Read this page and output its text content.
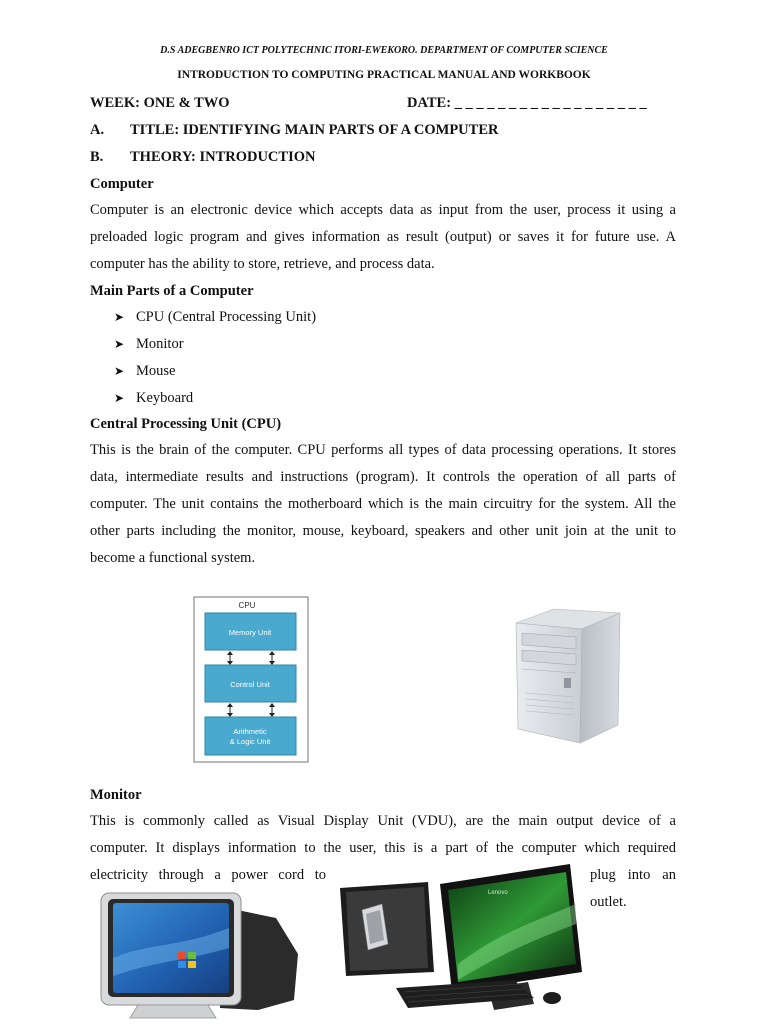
D.S ADEGBENRO ICT POLYTECHNIC ITORI-EWEKORO. DEPARTMENT OF COMPUTER SCIENCE
INTRODUCTION TO COMPUTING PRACTICAL MANUAL AND WORKBOOK
WEEK: ONE & TWO	DATE: _ _ _ _ _ _ _ _ _ _ _ _ _ _ _ _ _ _
A. TITLE: IDENTIFYING MAIN PARTS OF A COMPUTER
B. THEORY: INTRODUCTION
Computer

Computer is an electronic device which accepts data as input from the user, process it using a
preloaded logic program and gives information as result (output) or saves it for future use. A
computer has the ability to store, retrieve, and process data.

Main Parts of a Computer
➤ CPU (Central Processing Unit)
➤ Monitor
➤ Mouse
➤ Keyboard
Central Processing Unit (CPU)

This is the brain of the computer. CPU performs all types of data processing operations. It stores
data, intermediate results and instructions (program). It controls the operation of all parts of
computer. The unit contains the motherboard which is the main circuitry for the system. All the
other parts including the monitor, mouse, keyboard, speakers and other unit join at the unit to
become a functional system.

CPU
Memory Unit
Control Unit
Arithmetic
& Logic Unit
Monitor

This is commonly called as Visual Display Unit (VDU), are the main output device of a
computer. It displays information to the user, this is a part of the computer which required

electricity through a power cord to	plug into an
outlet.
Lenovo
